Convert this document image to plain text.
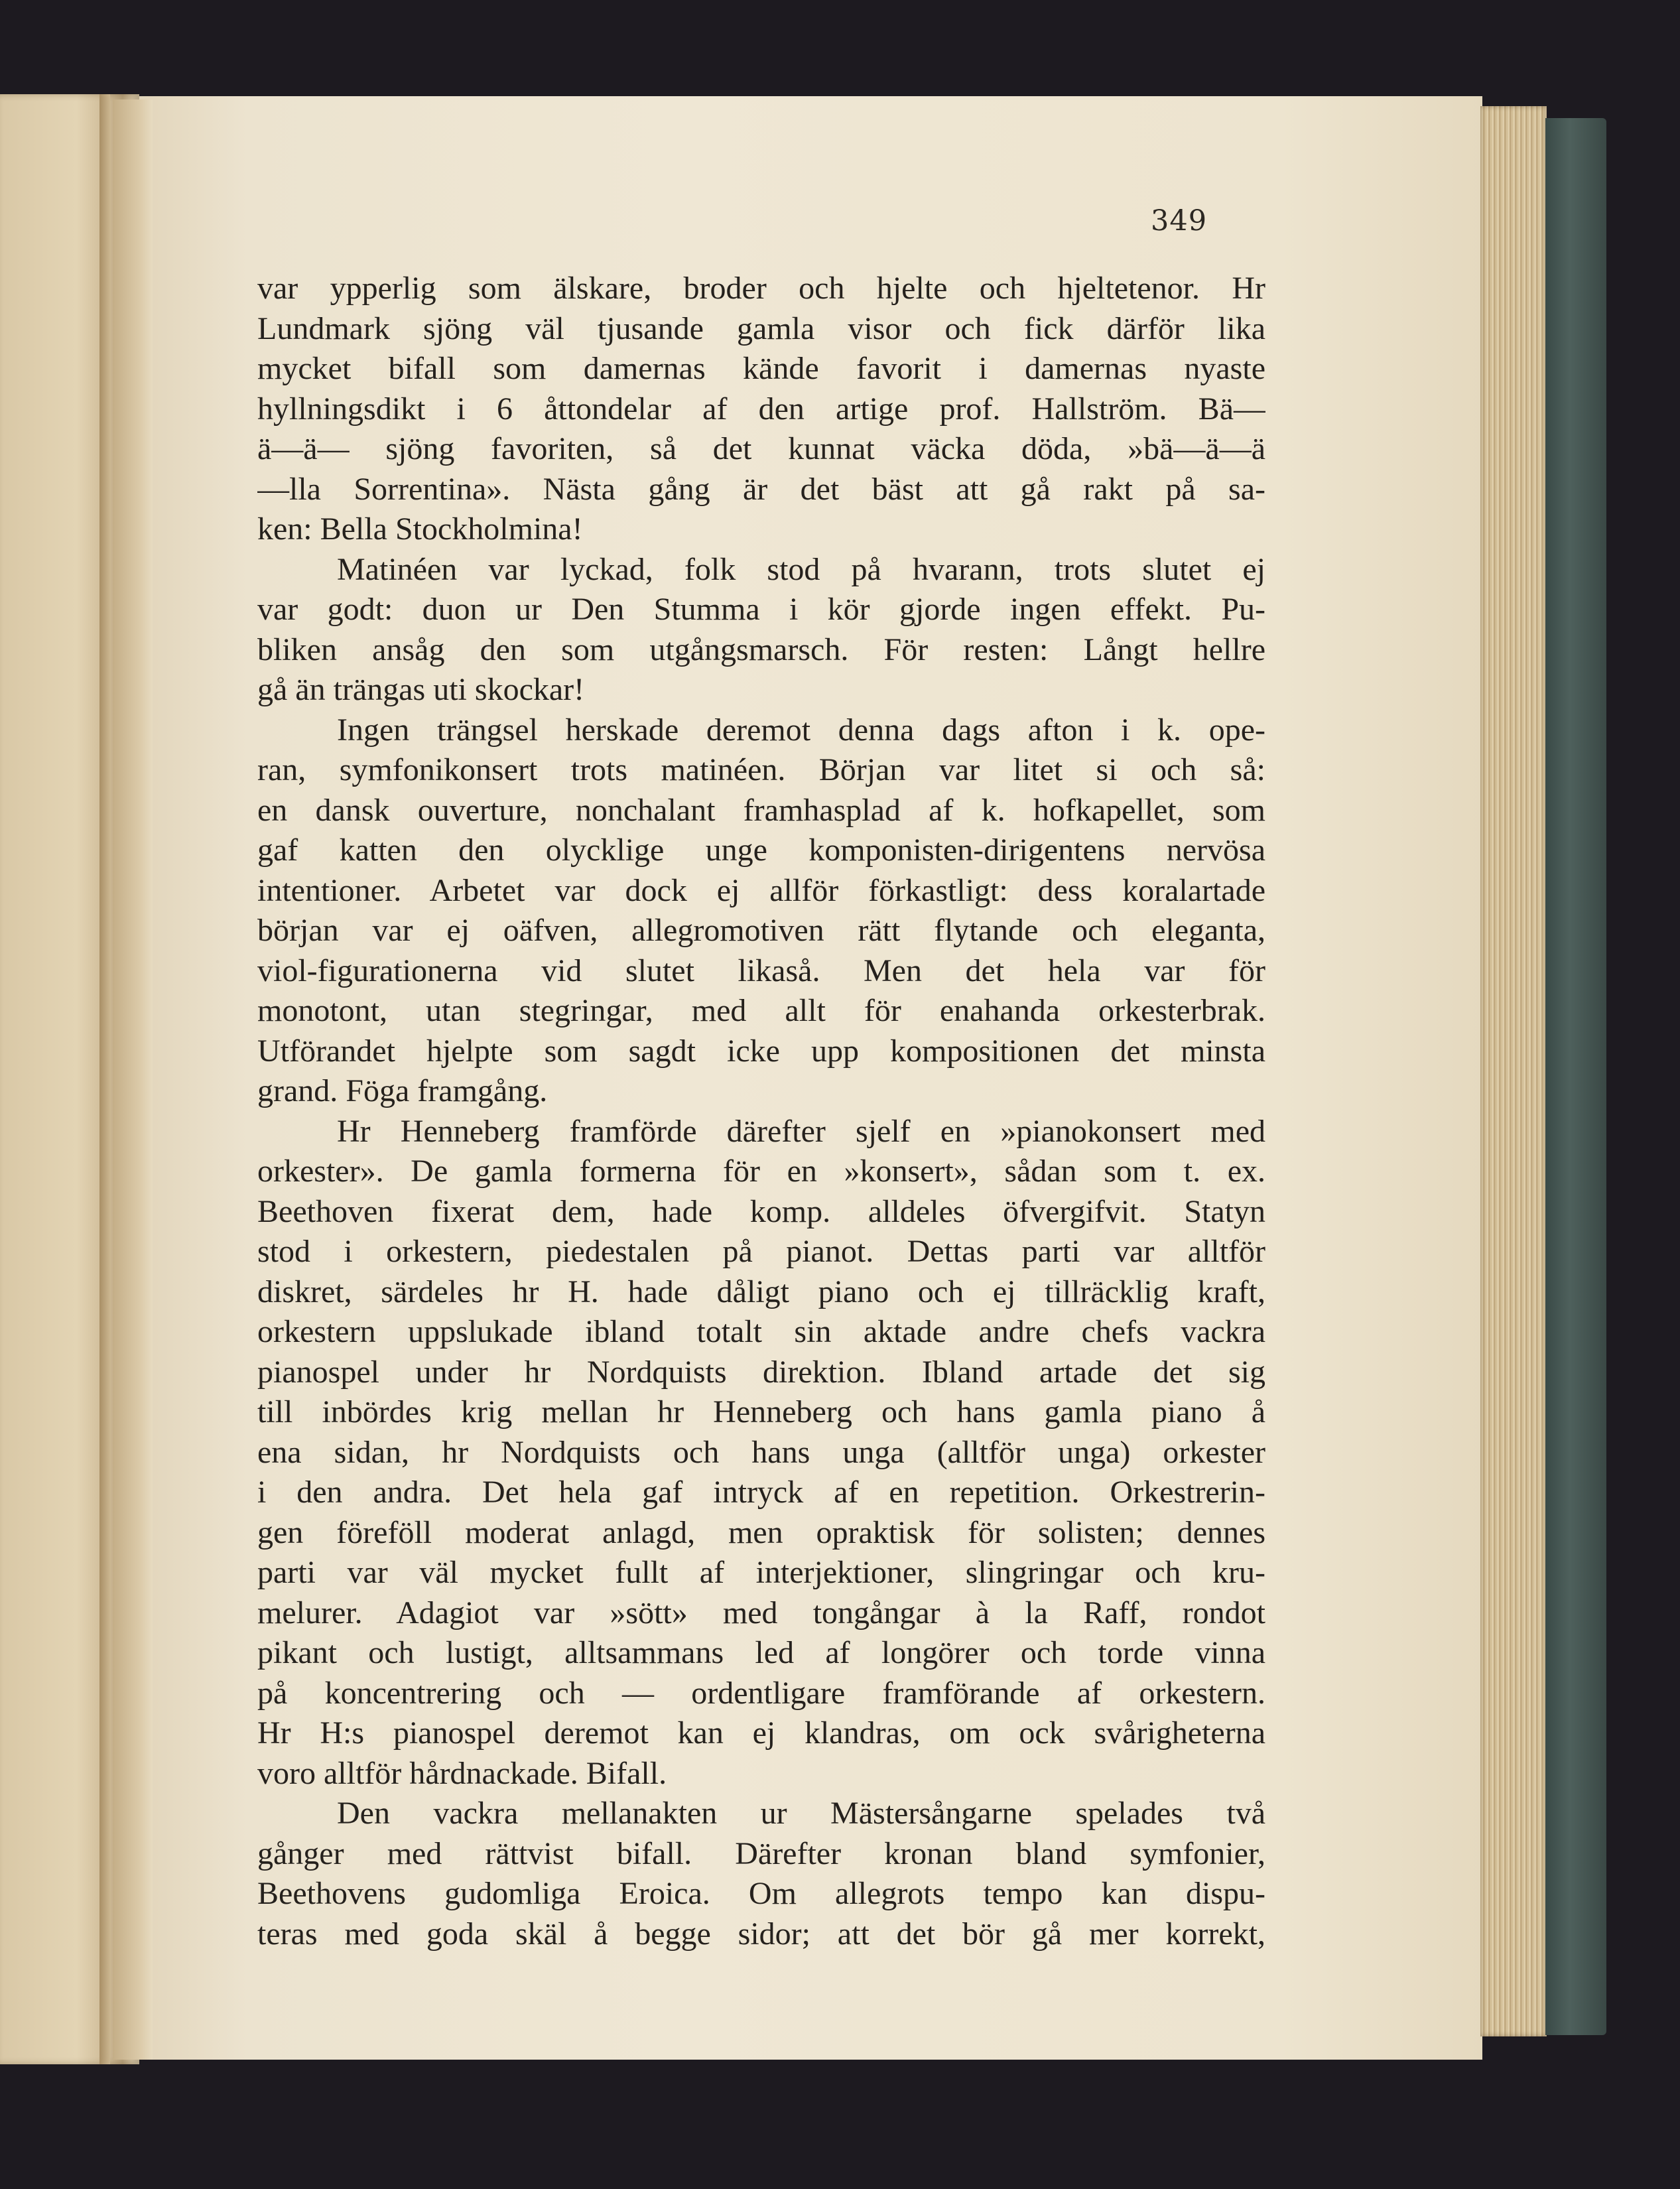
349
var ypperlig som älskare, broder och hjelte och hjeltetenor. Hr
Lundmark sjöng väl tjusande gamla visor och fick därför lika
mycket bifall som damernas kände favorit i damernas nyaste
hyllningsdikt i 6 åttondelar af den artige prof. Hallström. Bä—
ä—ä— sjöng favoriten, så det kunnat väcka döda, »bä—ä—ä
—lla Sorrentina». Nästa gång är det bäst att gå rakt på sa-
ken: Bella Stockholmina!
Matinéen var lyckad, folk stod på hvarann, trots slutet ej
var godt: duon ur Den Stumma i kör gjorde ingen effekt. Pu-
bliken ansåg den som utgångsmarsch. För resten: Långt hellre
gå än trängas uti skockar!
Ingen trängsel herskade deremot denna dags afton i k. ope-
ran, symfonikonsert trots matinéen. Början var litet si och så:
en dansk ouverture, nonchalant framhasplad af k. hofkapellet, som
gaf katten den olycklige unge komponisten-dirigentens nervösa
intentioner. Arbetet var dock ej allför förkastligt: dess koralartade
början var ej oäfven, allegromotiven rätt flytande och eleganta,
viol-figurationerna vid slutet likaså. Men det hela var för
monotont, utan stegringar, med allt för enahanda orkesterbrak.
Utförandet hjelpte som sagdt icke upp kompositionen det minsta
grand. Föga framgång.
Hr Henneberg framförde därefter sjelf en »pianokonsert med
orkester». De gamla formerna för en »konsert», sådan som t. ex.
Beethoven fixerat dem, hade komp. alldeles öfvergifvit. Statyn
stod i orkestern, piedestalen på pianot. Dettas parti var alltför
diskret, särdeles hr H. hade dåligt piano och ej tillräcklig kraft,
orkestern uppslukade ibland totalt sin aktade andre chefs vackra
pianospel under hr Nordquists direktion. Ibland artade det sig
till inbördes krig mellan hr Henneberg och hans gamla piano å
ena sidan, hr Nordquists och hans unga (alltför unga) orkester
i den andra. Det hela gaf intryck af en repetition. Orkestrerin-
gen föreföll moderat anlagd, men opraktisk för solisten; dennes
parti var väl mycket fullt af interjektioner, slingringar och kru-
melurer. Adagiot var »sött» med tongångar à la Raff, rondot
pikant och lustigt, alltsammans led af longörer och torde vinna
på koncentrering och — ordentligare framförande af orkestern.
Hr H:s pianospel deremot kan ej klandras, om ock svårigheterna
voro alltför hårdnackade. Bifall.
Den vackra mellanakten ur Mästersångarne spelades två
gånger med rättvist bifall. Därefter kronan bland symfonier,
Beethovens gudomliga Eroica. Om allegrots tempo kan dispu-
teras med goda skäl å begge sidor; att det bör gå mer korrekt,
